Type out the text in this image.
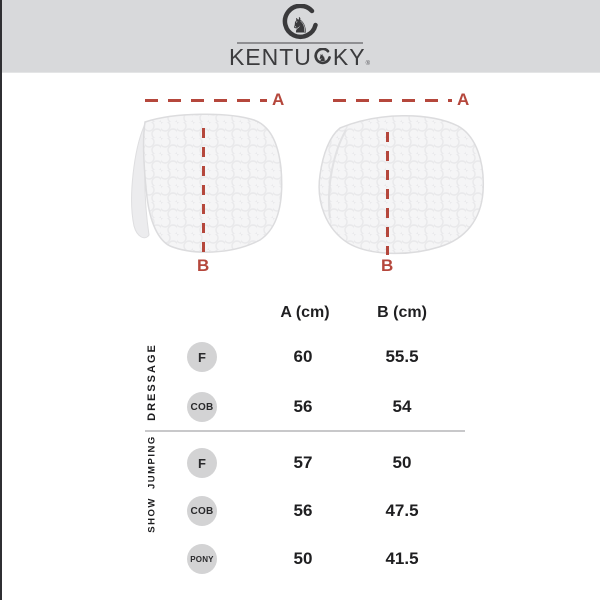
♞
KENTU ♞ KY®
A
B
A
B
A (cm)	B (cm)
DRESSAGE	F	60	55.5
COB	56	54
SHOW JUMPING	F	57	50
COB	56	47.5
PONY	50	41.5
